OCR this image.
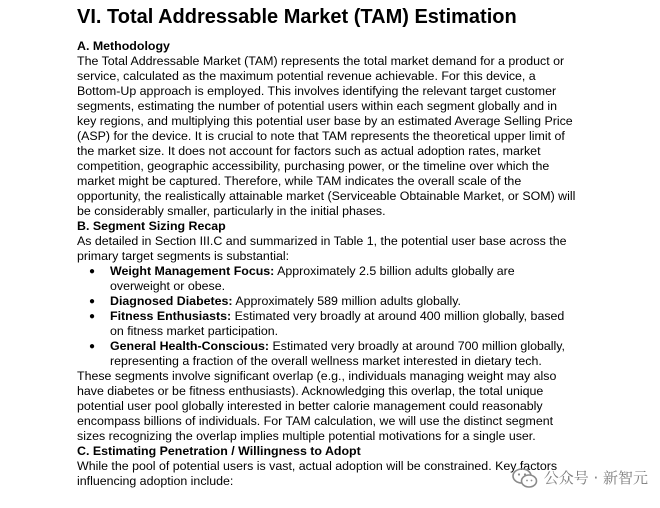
VI. Total Addressable Market (TAM) Estimation

A. Methodology

The Total Addressable Market (TAM) represents the total market demand for a product or service, calculated as the maximum potential revenue achievable. For this device, a Bottom-Up approach is employed. This involves identifying the relevant target customer segments, estimating the number of potential users within each segment globally and in key regions, and multiplying this potential user base by an estimated Average Selling Price (ASP) for the device. It is crucial to note that TAM represents the theoretical upper limit of the market size. It does not account for factors such as actual adoption rates, market competition, geographic accessibility, purchasing power, or the timeline over which the market might be captured. Therefore, while TAM indicates the overall scale of the opportunity, the realistically attainable market (Serviceable Obtainable Market, or SOM) will be considerably smaller, particularly in the initial phases.

B. Segment Sizing Recap

As detailed in Section III.C and summarized in Table 1, the potential user base across the primary target segments is substantial:

● Weight Management Focus: Approximately 2.5 billion adults globally are overweight or obese.
● Diagnosed Diabetes: Approximately 589 million adults globally.
● Fitness Enthusiasts: Estimated very broadly at around 400 million globally, based on fitness market participation.
● General Health-Conscious: Estimated very broadly at around 700 million globally, representing a fraction of the overall wellness market interested in dietary tech.

These segments involve significant overlap (e.g., individuals managing weight may also have diabetes or be fitness enthusiasts). Acknowledging this overlap, the total unique potential user pool globally interested in better calorie management could reasonably encompass billions of individuals. For TAM calculation, we will use the distinct segment sizes recognizing the overlap implies multiple potential motivations for a single user.

C. Estimating Penetration / Willingness to Adopt

While the pool of potential users is vast, actual adoption will be constrained. Key factors influencing adoption include:	公众号 · 新智元
